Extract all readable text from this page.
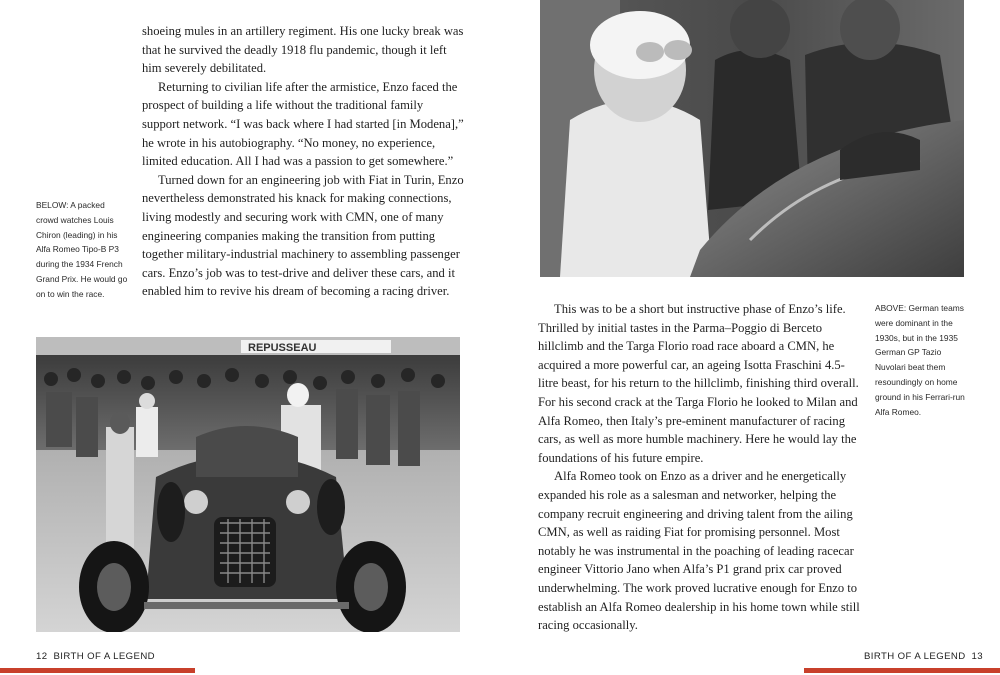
shoeing mules in an artillery regiment. His one lucky break was that he survived the deadly 1918 flu pandemic, though it left him severely debilitated.

Returning to civilian life after the armistice, Enzo faced the prospect of building a life without the traditional family support network. “I was back where I had started [in Modena],” he wrote in his autobiography. “No money, no experience, limited education. All I had was a passion to get somewhere.”

Turned down for an engineering job with Fiat in Turin, Enzo nevertheless demonstrated his knack for making connections, living modestly and securing work with CMN, one of many engineering companies making the transition from putting together military-industrial machinery to assembling passenger cars. Enzo’s job was to test-drive and deliver these cars, and it enabled him to revive his dream of becoming a racing driver.

BELOW: A packed crowd watches Louis Chiron (leading) in his Alfa Romeo Tipo-B P3 during the 1934 French Grand Prix. He would go on to win the race.
REPUSSEAU
12 BIRTH OF A LEGEND

This was to be a short but instructive phase of Enzo’s life. Thrilled by initial tastes in the Parma–Poggio di Berceto hillclimb and the Targa Florio road race aboard a CMN, he acquired a more powerful car, an ageing Isotta Fraschini 4.5-litre beast, for his return to the hillclimb, finishing third overall. For his second crack at the Targa Florio he looked to Milan and Alfa Romeo, then Italy’s pre-eminent manufacturer of racing cars, as well as more humble machinery. Here he would lay the foundations of his future empire.

Alfa Romeo took on Enzo as a driver and he energetically expanded his role as a salesman and networker, helping the company recruit engineering and driving talent from the ailing CMN, as well as raiding Fiat for promising personnel. Most notably he was instrumental in the poaching of leading racecar engineer Vittorio Jano when Alfa’s P1 grand prix car proved underwhelming. The work proved lucrative enough for Enzo to establish an Alfa Romeo dealership in his home town while still racing occasionally.

ABOVE: German teams were dominant in the 1930s, but in the 1935 German GP Tazio Nuvolari beat them resoundingly on home ground in his Ferrari-run Alfa Romeo.
BIRTH OF A LEGEND 13
